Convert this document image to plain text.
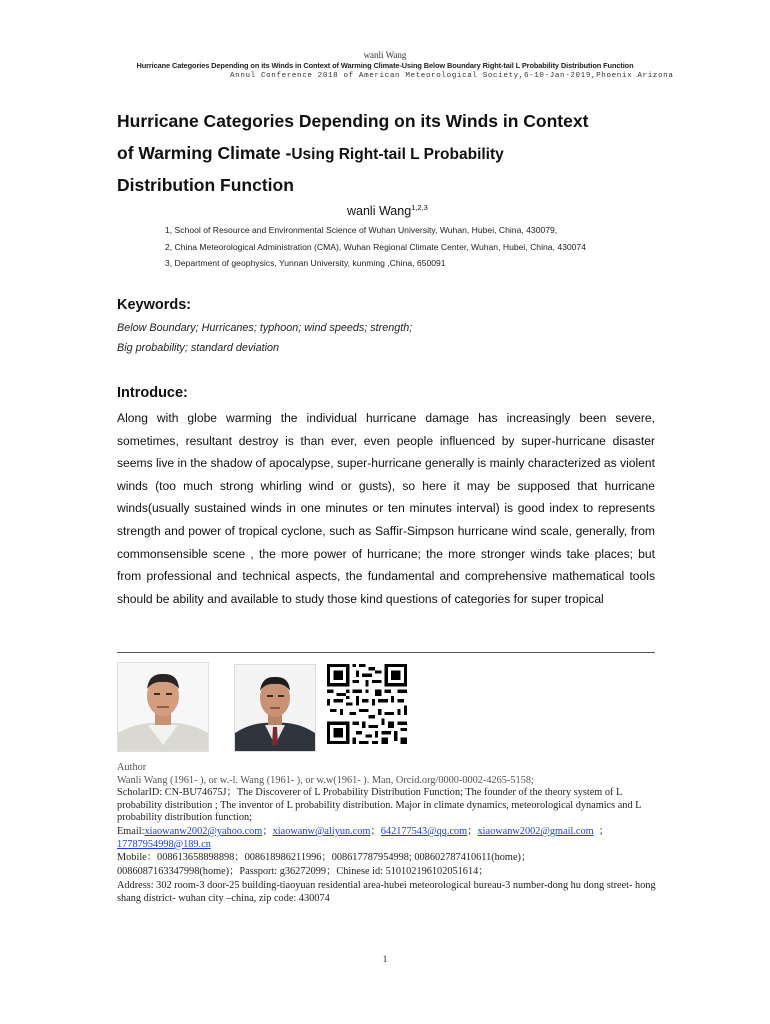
wanli Wang
Hurricane Categories Depending on its Winds in Context of Warming Climate-Using Below Boundary Right-tail L Probability Distribution Function
Annul Conference 2018 of American Meteorological Society,6-10-Jan-2019,Phoenix Arizona
Hurricane Categories Depending on its Winds in Context
of Warming Climate -Using Right-tail L Probability
Distribution Function
wanli Wang$^{1,2,3}$
1, School of Resource and Environmental Science of Wuhan University, Wuhan, Hubei, China, 430079,
2, China Meteorological Administration (CMA), Wuhan Regional Climate Center, Wuhan, Hubei, China, 430074
3, Department of geophysics, Yunnan University, kunming ,China, 650091
Keywords:
Below Boundary; Hurricanes; typhoon; wind speeds; strength;
Big probability; standard deviation
Introduce:

Along with globe warming the individual hurricane damage has increasingly been severe, sometimes, resultant destroy is than ever, even people influenced by super-hurricane disaster seems live in the shadow of apocalypse, super-hurricane generally is mainly characterized as violent winds (too much strong whirling wind or gusts), so here it may be supposed that hurricane winds(usually sustained winds in one minutes or ten minutes interval) is good index to represents strength and power of tropical cyclone, such as Saffir-Simpson hurricane wind scale, generally, from commonsensible scene , the more power of hurricane; the more stronger winds take places; but from professional and technical aspects, the fundamental and comprehensive mathematical tools should be ability and available to study those kind questions of categories for super tropical

Author
Wanli Wang (1961- ), or w.-l. Wang (1961- ), or w.w(1961- ). Man, Orcid.org/0000-0002-4265-5158;

ScholarID: CN-BU74675J；The Discoverer of L Probability Distribution Function; The founder of the theory system of L probability distribution ; The inventor of L probability distribution. Major in climate dynamics, meteorological dynamics and L probability distribution function;

Email:xiaowanw2002@yahoo.com；xiaowanw@aliyun.com；642177543@qq.com；xiaowanw2002@gmail.com ；
17787954998@189.cn

Mobile：008613658898898；008618986211996；008617787954998; 008602787410611(home)；
0086087163347998(home)；Passport: g36272099；Chinese id: 510102196102051614；

Address: 302 room-3 door-25 building-tiaoyuan residential area-hubei meteorological bureau-3 number-dong hu dong street- hong shang district- wuhan city –china, zip code: 430074

1
